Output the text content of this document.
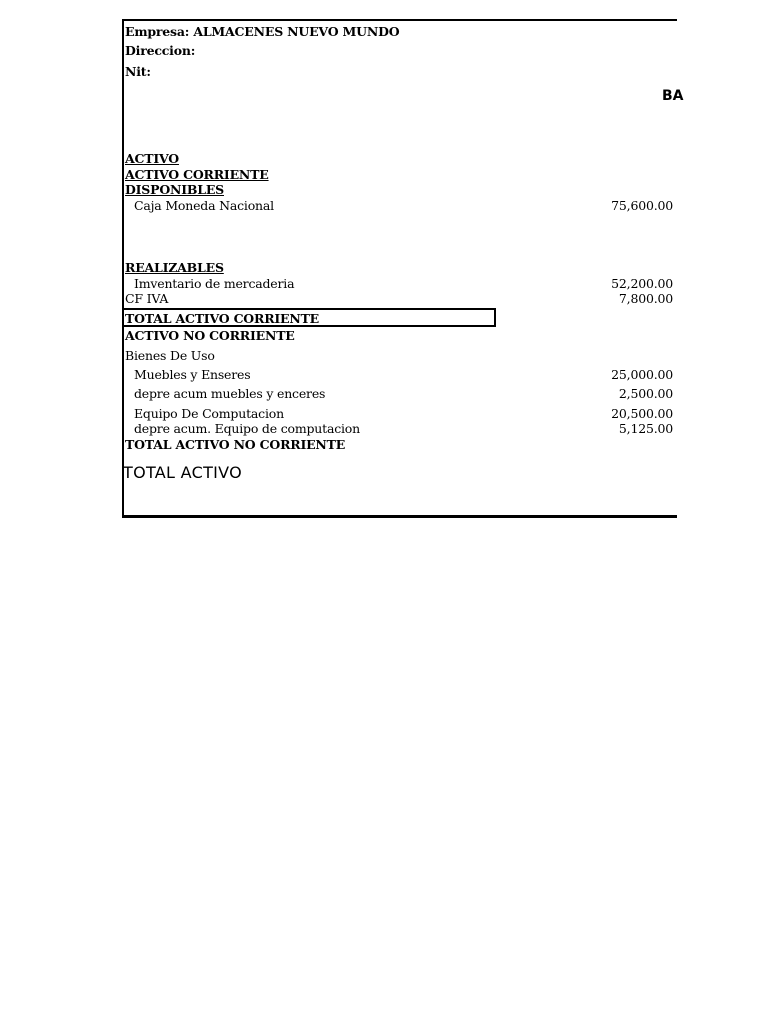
Empresa: ALMACENES NUEVO MUNDO
Direccion:
Nit:
BA
ACTIVO
ACTIVO CORRIENTE
DISPONIBLES
Caja Moneda Nacional	75,600.00
REALIZABLES
Imventario de mercaderia	52,200.00
CF IVA	7,800.00
TOTAL ACTIVO CORRIENTE
ACTIVO NO CORRIENTE
Bienes De Uso
Muebles y Enseres	25,000.00
depre acum muebles y enceres	2,500.00
Equipo De Computacion	20,500.00
depre acum. Equipo de computacion	5,125.00
TOTAL ACTIVO NO CORRIENTE
TOTAL ACTIVO
